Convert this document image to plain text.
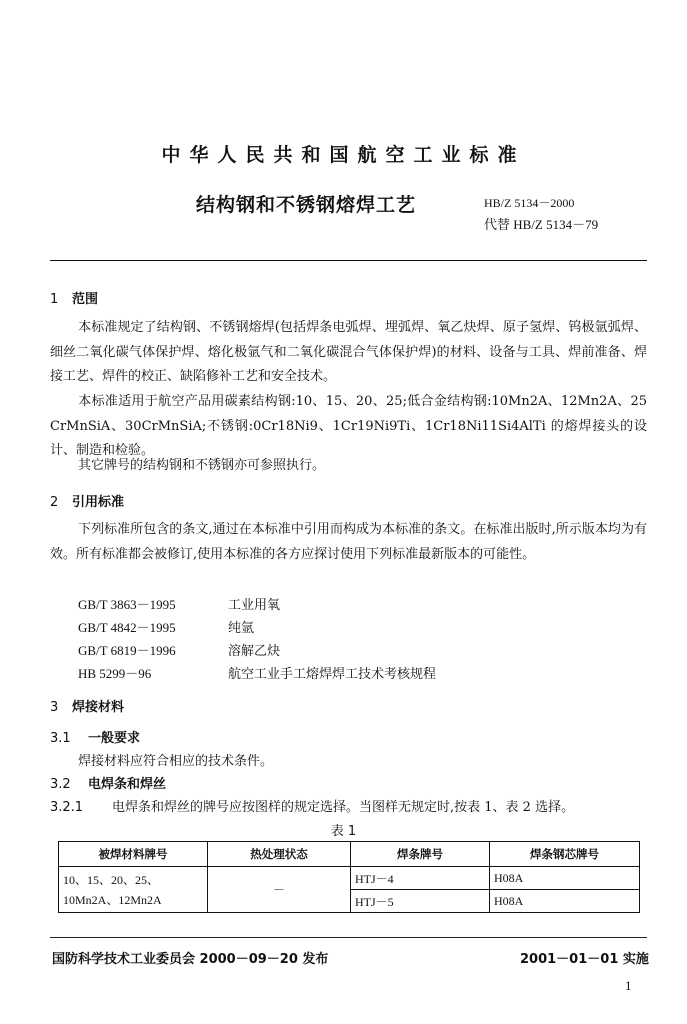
中华人民共和国航空工业标准
结构钢和不锈钢熔焊工艺	HB/Z 5134－2000
代替 HB/Z 5134－79
1 范围
本标准规定了结构钢、不锈钢熔焊(包括焊条电弧焊、埋弧焊、氧乙炔焊、原子氢焊、钨极氩弧焊、细丝二氧化碳气体保护焊、熔化极氩气和二氧化碳混合气体保护焊)的材料、设备与工具、焊前准备、焊接工艺、焊件的校正、缺陷修补工艺和安全技术。
本标准适用于航空产品用碳素结构钢:10、15、20、25;低合金结构钢:10Mn2A、12Mn2A、25 CrMnSiA、30CrMnSiA;不锈钢:0Cr18Ni9、1Cr19Ni9Ti、1Cr18Ni11Si4AlTi 的熔焊接头的设计、制造和检验。
其它牌号的结构钢和不锈钢亦可参照执行。
2 引用标准
下列标准所包含的条文,通过在本标准中引用而构成为本标准的条文。在标准出版时,所示版本均为有效。所有标准都会被修订,使用本标准的各方应探讨使用下列标准最新版本的可能性。
GB/T 3863－1995	工业用氧
GB/T 4842－1995	纯氩
GB/T 6819－1996	溶解乙炔
HB 5299－96	航空工业手工熔焊焊工技术考核规程
3 焊接材料
3.1 一般要求
焊接材料应符合相应的技术条件。
3.2 电焊条和焊丝
3.2.1 电焊条和焊丝的牌号应按图样的规定选择。当图样无规定时,按表 1、表 2 选择。
表 1
被焊材料牌号	热处理状态	焊条牌号	焊条钢芯牌号

10、15、20、25、
10Mn2A、12Mn2A	－	HTJ－4	H08A
		HTJ－5	H08A
国防科学技术工业委员会 2000－09－20 发布	2001－01－01 实施
1
